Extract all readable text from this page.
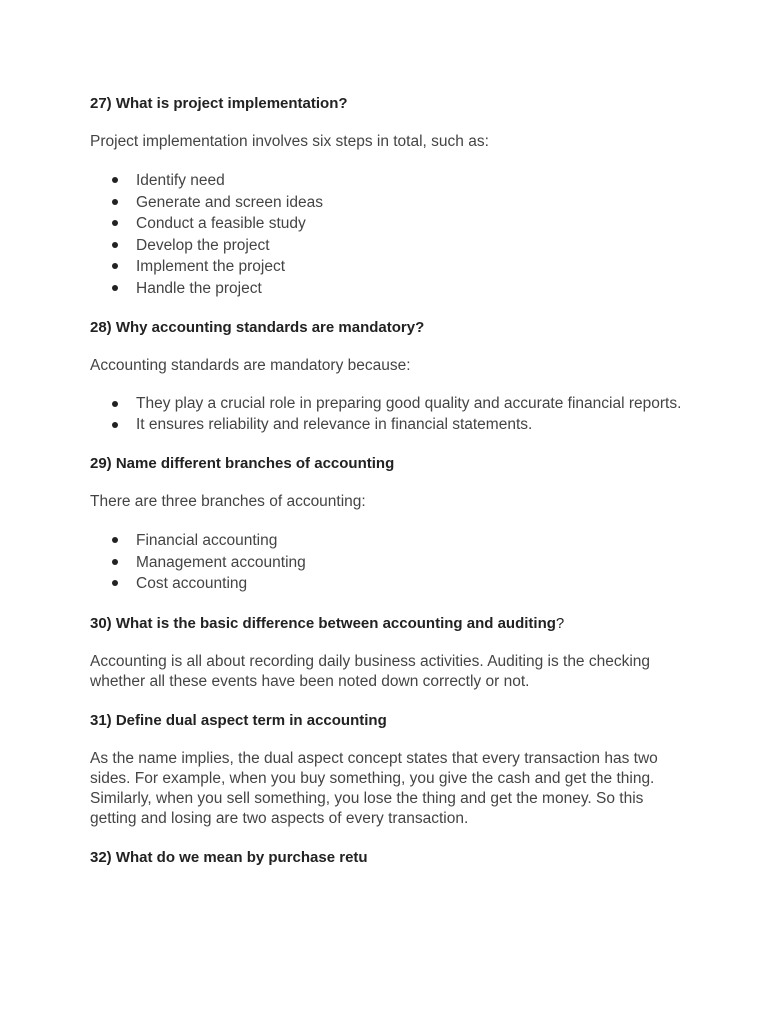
27) What is project implementation?

Project implementation involves six steps in total, such as:

Identify need
Generate and screen ideas
Conduct a feasible study
Develop the project
Implement the project
Handle the project
28) Why accounting standards are mandatory?

Accounting standards are mandatory because:

They play a crucial role in preparing good quality and accurate financial reports.
It ensures reliability and relevance in financial statements.
29) Name different branches of accounting

There are three branches of accounting:

Financial accounting
Management accounting
Cost accounting
30) What is the basic difference between accounting and auditing?

Accounting is all about recording daily business activities. Auditing is the checking whether all these events have been noted down correctly or not.

31) Define dual aspect term in accounting

As the name implies, the dual aspect concept states that every transaction has two sides. For example, when you buy something, you give the cash and get the thing. Similarly, when you sell something, you lose the thing and get the money. So this getting and losing are two aspects of every transaction.

32) What do we mean by purchase retu
